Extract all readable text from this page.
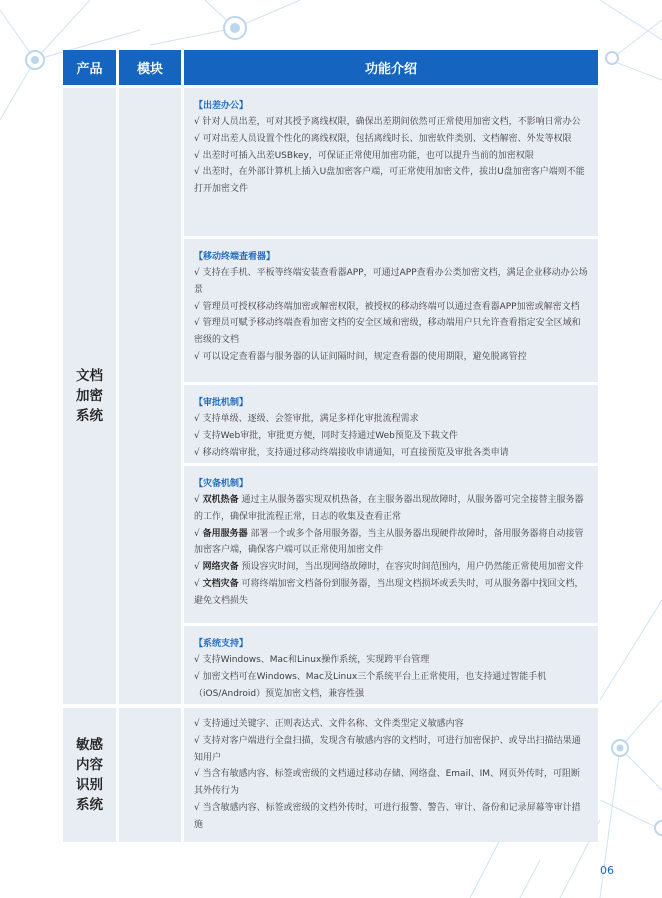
产品	模块	功能介绍
文档加密系统
【出差办公】
√ 针对人员出差，可对其授予离线权限，确保出差期间依然可正常使用加密文档，不影响日常办公
√ 可对出差人员设置个性化的离线权限，包括离线时长、加密软件类别、文档解密、外发等权限
√ 出差时可插入出差USBkey，可保证正常使用加密功能，也可以提升当前的加密权限
√ 出差时，在外部计算机上插入U盘加密客户端，可正常使用加密文件，拔出U盘加密客户端则不能打开加密文件
【移动终端查看器】
√ 支持在手机、平板等终端安装查看器APP，可通过APP查看办公类加密文档，满足企业移动办公场景
√ 管理员可授权移动终端加密或解密权限，被授权的移动终端可以通过查看器APP加密或解密文档
√ 管理员可赋予移动终端查看加密文档的安全区域和密级，移动端用户只允许查看指定安全区域和密级的文档
√ 可以设定查看器与服务器的认证间隔时间，规定查看器的使用期限，避免脱离管控
【审批机制】
√ 支持单级、逐级、会签审批，满足多样化审批流程需求
√ 支持Web审批，审批更方便，同时支持通过Web预览及下载文件
√ 移动终端审批，支持通过移动终端接收申请通知，可直接预览及审批各类申请
【灾备机制】
√ 双机热备 通过主从服务器实现双机热备，在主服务器出现故障时，从服务器可完全接替主服务器的工作，确保审批流程正常，日志的收集及查看正常
√ 备用服务器 部署一个或多个备用服务器，当主从服务器出现硬件故障时，备用服务器将自动接管加密客户端，确保客户端可以正常使用加密文件
√ 网络灾备 预设容灾时间，当出现网络故障时，在容灾时间范围内，用户仍然能正常使用加密文件
√ 文档灾备 可将终端加密文档备份到服务器，当出现文档损坏或丢失时，可从服务器中找回文档，避免文档损失
【系统支持】
√ 支持Windows、Mac和Linux操作系统，实现跨平台管理
√ 加密文档可在Windows、Mac及Linux三个系统平台上正常使用，也支持通过智能手机（iOS/Android）预览加密文档，兼容性强
敏感内容识别系统
√ 支持通过关键字、正则表达式、文件名称、文件类型定义敏感内容
√ 支持对客户端进行全盘扫描，发现含有敏感内容的文档时，可进行加密保护、或导出扫描结果通知用户
√ 当含有敏感内容、标签或密级的文档通过移动存储、网络盘、Email、IM、网页外传时，可阻断其外传行为
√ 当含敏感内容、标签或密级的文档外传时，可进行报警、警告、审计、备份和记录屏幕等审计措施
06
